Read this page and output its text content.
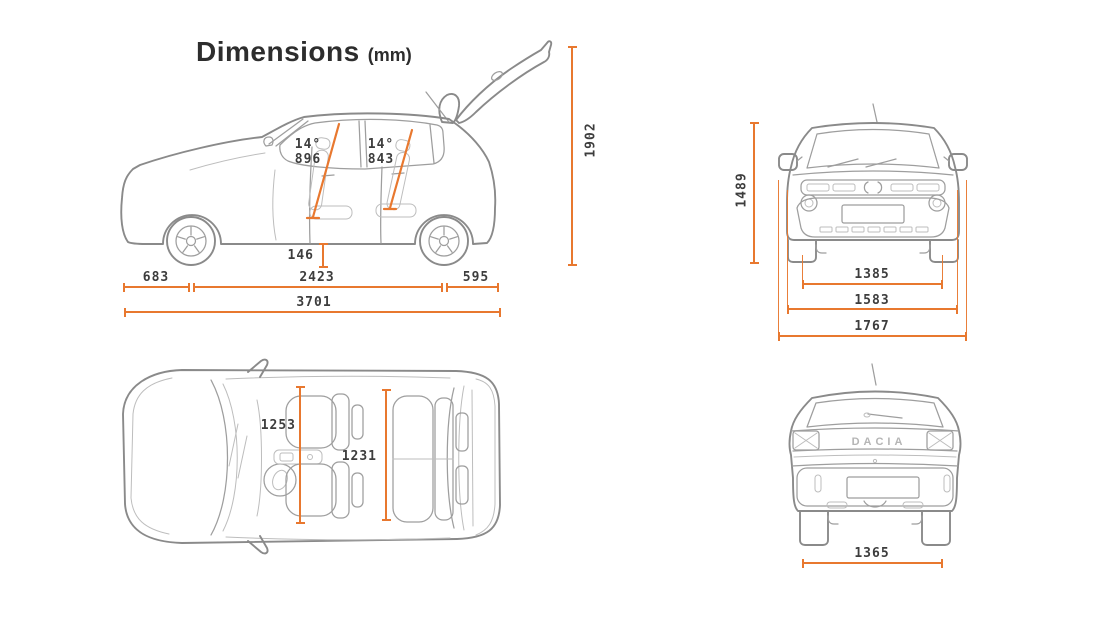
Dimensions (mm)
14°
896
14°
843
1902
146
683	2423	595
3701
1489
1385
1583
1767
1253
1231
DACIA
1365
